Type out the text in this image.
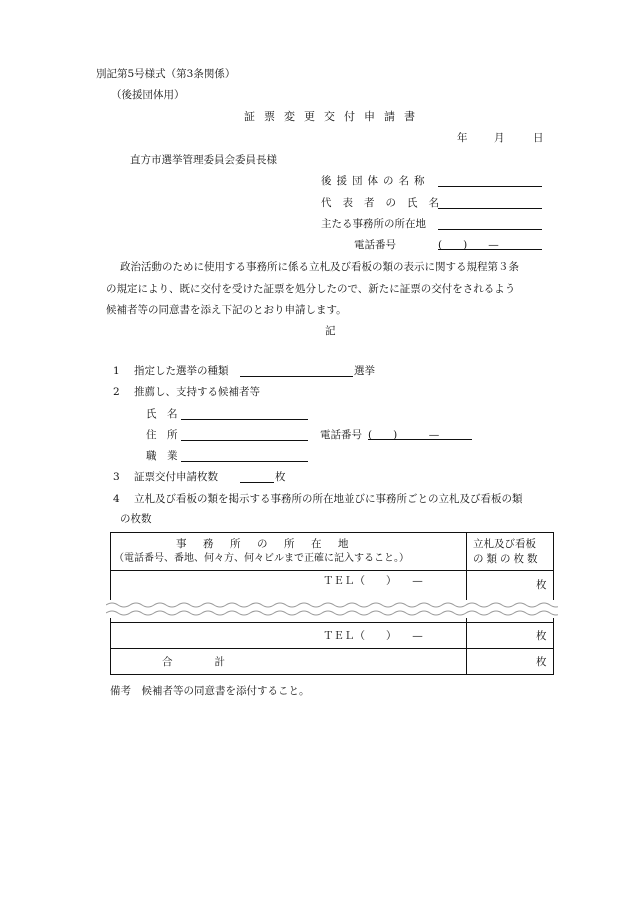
別記第5号様式（第3条関係）
（後援団体用）
証票変更交付申請書
年	月	日
直方市選挙管理委員会委員長様
後援団体の名称
代表者の氏名
主たる事務所の所在地
電話番号	(　　)　　—
政治活動のために使用する事務所に係る立札及び看板の類の表示に関する規程第３条
の規定により、既に交付を受けた証票を処分したので、新たに証票の交付をされるよう
候補者等の同意書を添え下記のとおり申請します。
記
1 指定した選挙の種類	選挙
2 推薦し、支持する候補者等
氏　名
住　所	電話番号 (　　)　　　—
職　業
3 証票交付申請枚数	枚
4 立札及び看板の類を掲示する事務所の所在地並びに事務所ごとの立札及び看板の類
の枚数
事　務　所　の　所　在　地
（電話番号、番地、何々方、何々ビルまで正確に記入すること。）
立札及び看板
の類の枚数
ＴＥＬ（　　）　　—	枚
ＴＥＬ（　　）　　—	枚
合　　　　計	枚
備考　候補者等の同意書を添付すること。
